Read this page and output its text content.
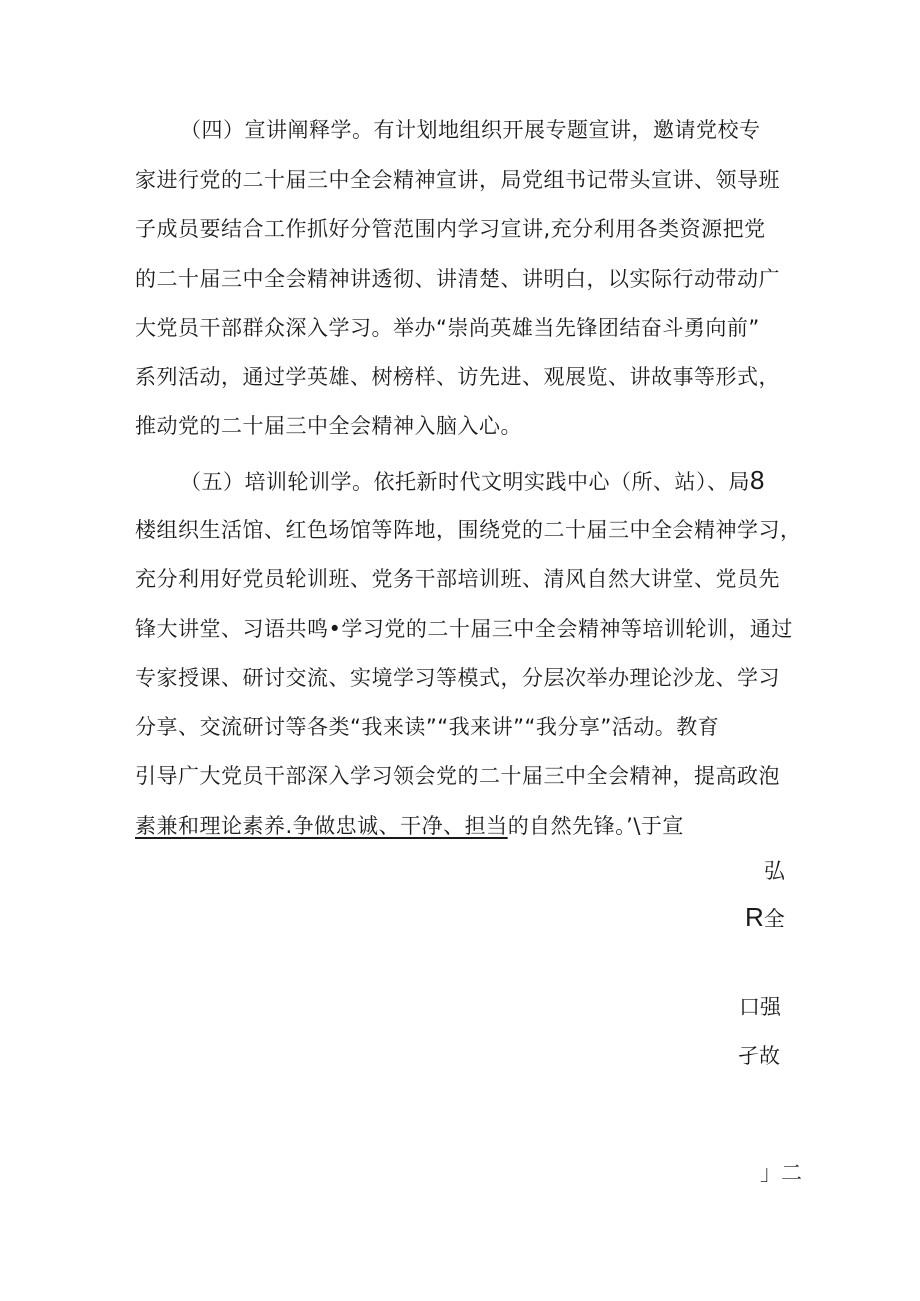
（四）宣讲阐释学。有计划地组织开展专题宣讲，邀请党校专
家进行党的二十届三中全会精神宣讲，局党组书记带头宣讲、领导班
子成员要结合工作抓好分管范围内学习宣讲,充分利用各类资源把党
的二十届三中全会精神讲透彻、讲清楚、讲明白，以实际行动带动广
大党员干部群众深入学习。举办“崇尚英雄当先锋团结奋斗勇向前”
系列活动，通过学英雄、树榜样、访先进、观展览、讲故事等形式，
推动党的二十届三中全会精神入脑入心。
（五）培训轮训学。依托新时代文明实践中心（所、站）、局8
楼组织生活馆、红色场馆等阵地，围绕党的二十届三中全会精神学习，
充分利用好党员轮训班、党务干部培训班、清风自然大讲堂、党员先
锋大讲堂、习语共鸣•学习党的二十届三中全会精神等培训轮训，通过
专家授课、研讨交流、实境学习等模式，分层次举办理论沙龙、学习
分享、交流研讨等各类“我来读”“我来讲”“我分享”活动。教育
引导广大党员干部深入学习领会党的二十届三中全会精神，提高政泡
素兼和理论素养.争做忠诚、干净、担当的自然先锋。’\于宣
弘
R全
口强
孑故
」二
